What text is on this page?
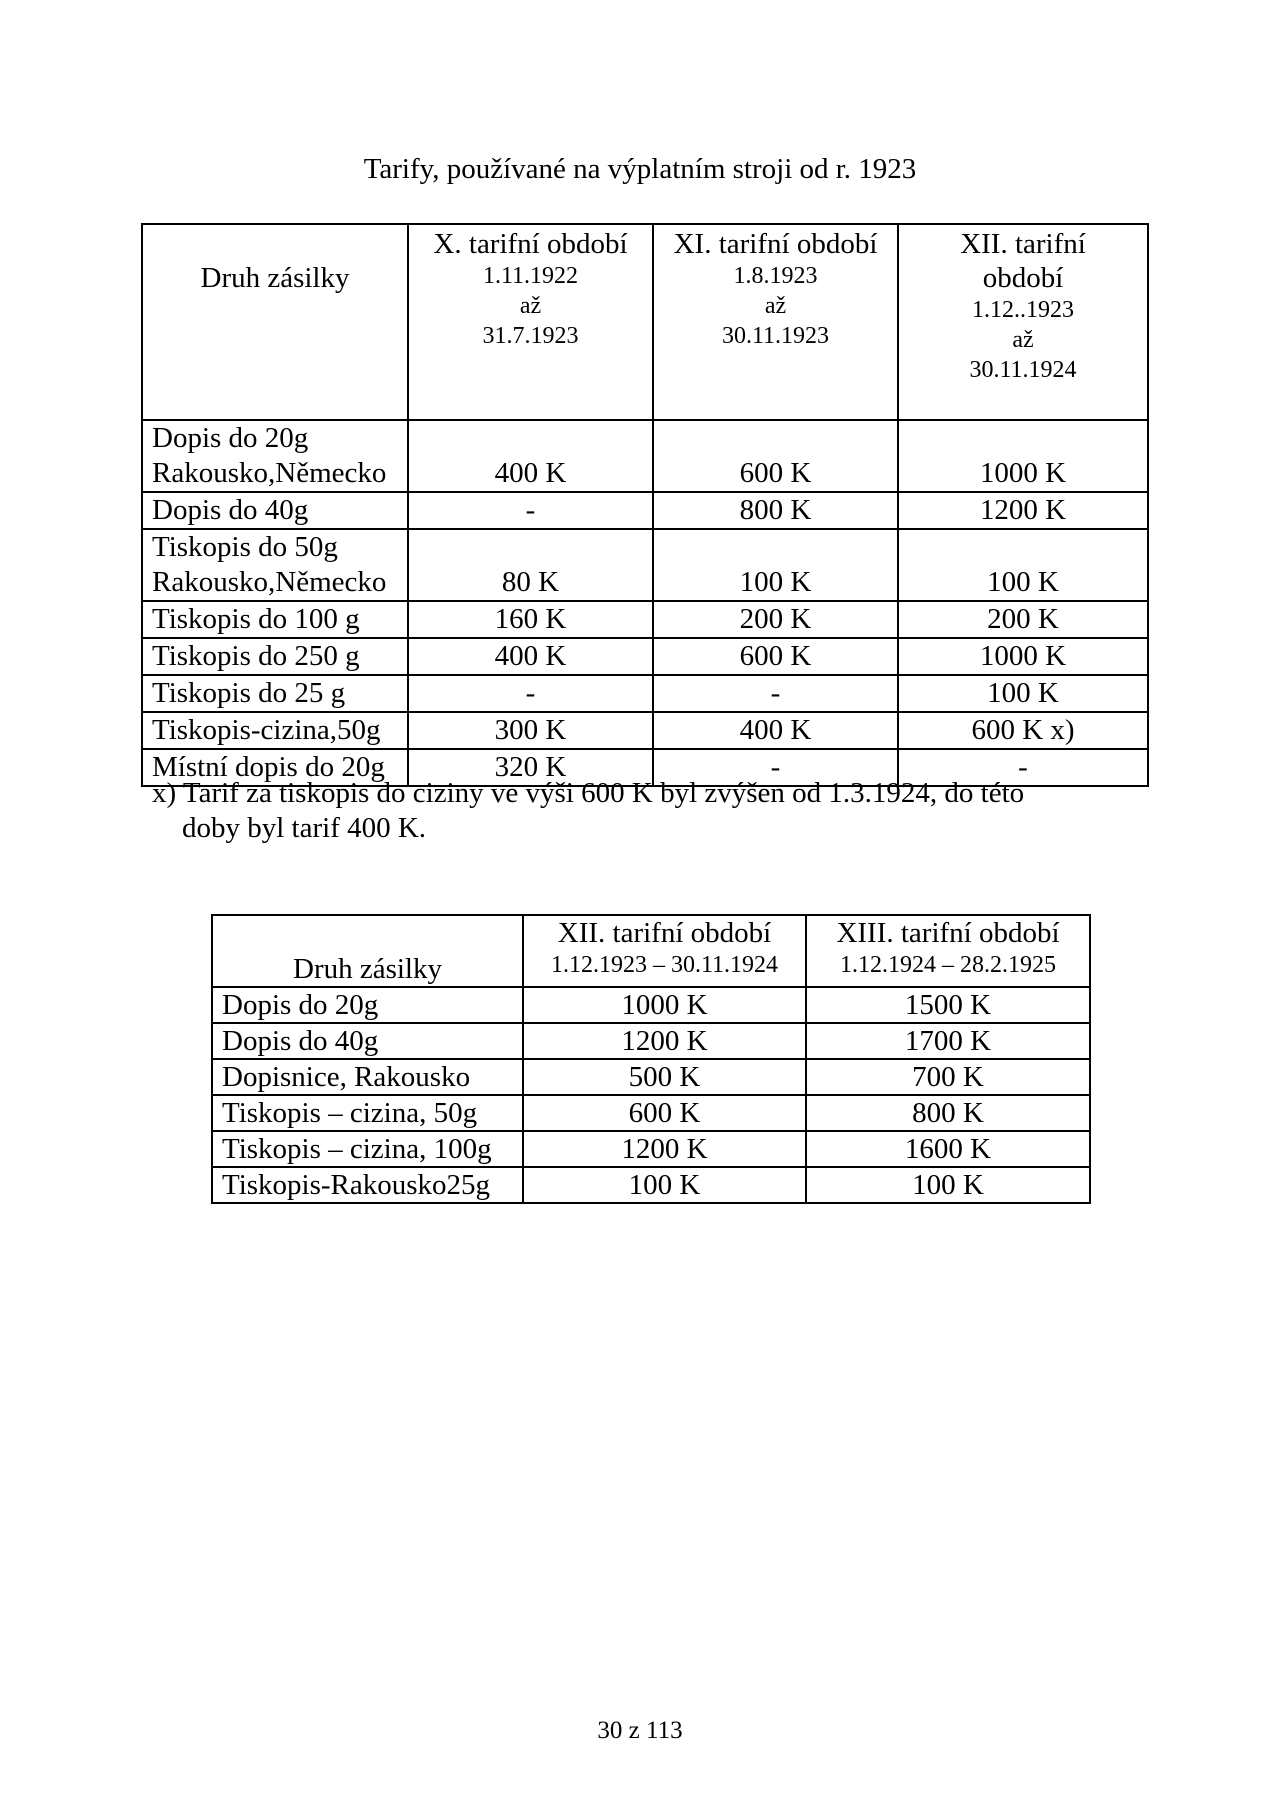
Tarify, používané na výplatním stroji od r. 1923
Druh zásilky	X. tarifní období
1.11.1922
až
31.7.1923	XI. tarifní období
1.8.1923
až
30.11.1923	XII. tarifní
období
1.12..1923
až
30.11.1924

Dopis do 20g
Rakousko,Německo	400 K	600 K	1000 K
Dopis do 40g	-	800 K	1200 K

Tiskopis do 50g
Rakousko,Německo	80 K	100 K	100 K
Tiskopis do 100 g	160 K	200 K	200 K
Tiskopis do 250 g	400 K	600 K	1000 K
Tiskopis do 25 g	-	-	100 K
Tiskopis-cizina,50g	300 K	400 K	600 K x)
Místní dopis do 20g	320 K	-	-
x) Tarif za tiskopis do ciziny ve výši 600 K byl zvýšen od 1.3.1924, do této
doby byl tarif 400 K.
Druh zásilky	XII. tarifní období
1.12.1923 – 30.11.1924	XIII. tarifní období
1.12.1924 – 28.2.1925

Dopis do 20g	1000 K	1500 K
Dopis do 40g	1200 K	1700 K
Dopisnice, Rakousko	500 K	700 K
Tiskopis – cizina, 50g	600 K	800 K
Tiskopis – cizina, 100g	1200 K	1600 K
Tiskopis-Rakousko25g	100 K	100 K
30 z 113
